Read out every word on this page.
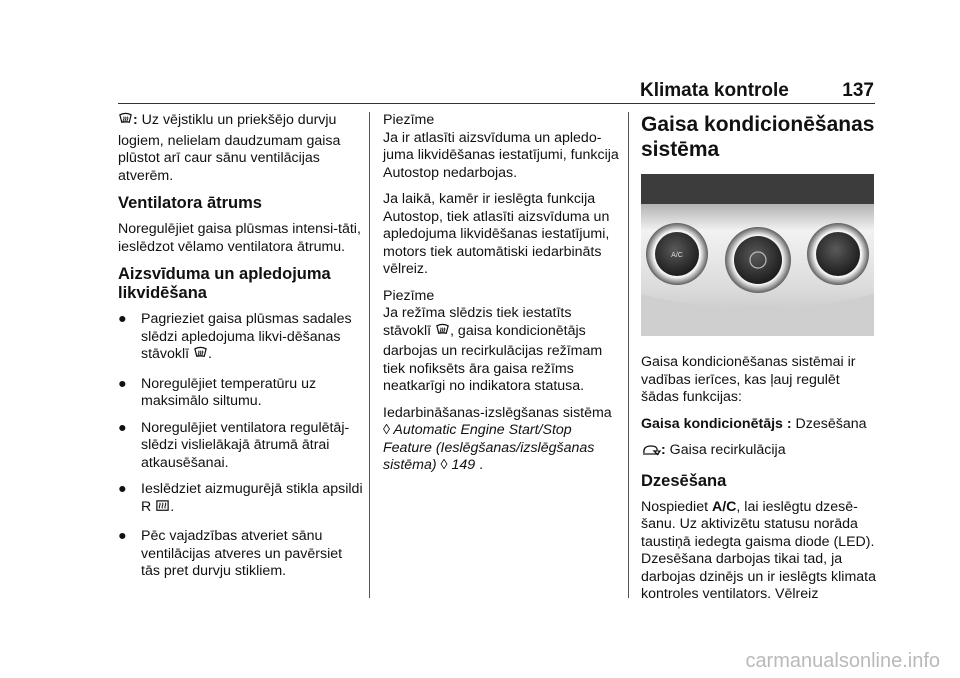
Klimata kontrole	137

: Uz vējstiklu un priekšējo durvju logiem, nelielam daudzumam gaisa plūstot arī caur sānu ventilācijas atverēm.

Ventilatora ātrums

Noregulējiet gaisa plūsmas intensi-tāti, ieslēdzot vēlamo ventilatora ātrumu.

Aizsvīduma un apledojuma likvidēšana
●	Pagrieziet gaisa plūsmas sadales slēdzi apledojuma likvi-dēšanas stāvoklī .
●	Noregulējiet temperatūru uz maksimālo siltumu.
●	Noregulējiet ventilatora regulētāj-slēdzi vislielākajā ātrumā ātrai atkausēšanai.
●	Ieslēdziet aizmugurējā stikla apsildi R .
●	Pēc vajadzības atveriet sānu ventilācijas atveres un pavērsiet tās pret durvju stikliem.

Piezīme

Ja ir atlasīti aizsvīduma un apledo-juma likvidēšanas iestatījumi, funkcija Autostop nedarbojas.

Ja laikā, kamēr ir ieslēgta funkcija Autostop, tiek atlasīti aizsvīduma un apledojuma likvidēšanas iestatījumi, motors tiek automātiski iedarbināts vēlreiz.

Piezīme

Ja režīma slēdzis tiek iestatīts stāvoklī , gaisa kondicionētājs darbojas un recirkulācijas režīmam tiek nofiksēts āra gaisa režīms neatkarīgi no indikatora statusa.

Iedarbināšanas-izslēgšanas sistēma ◊ Automatic Engine Start/Stop Feature (Ieslēgšanas/izslēgšanas sistēma) ◊ 149 .

Gaisa kondicionēšanas sistēma
A/C

Gaisa kondicionēšanas sistēmai ir vadības ierīces, kas ļauj regulēt šādas funkcijas:

Gaisa kondicionētājs : Dzesēšana

: Gaisa recirkulācija

Dzesēšana

Nospiediet A/C, lai ieslēgtu dzesē-šanu. Uz aktivizētu statusu norāda taustiņā iedegta gaisma diode (LED). Dzesēšana darbojas tikai tad, ja darbojas dzinējs un ir ieslēgts klimata kontroles ventilators. Vēlreiz

carmanualsonline.info
